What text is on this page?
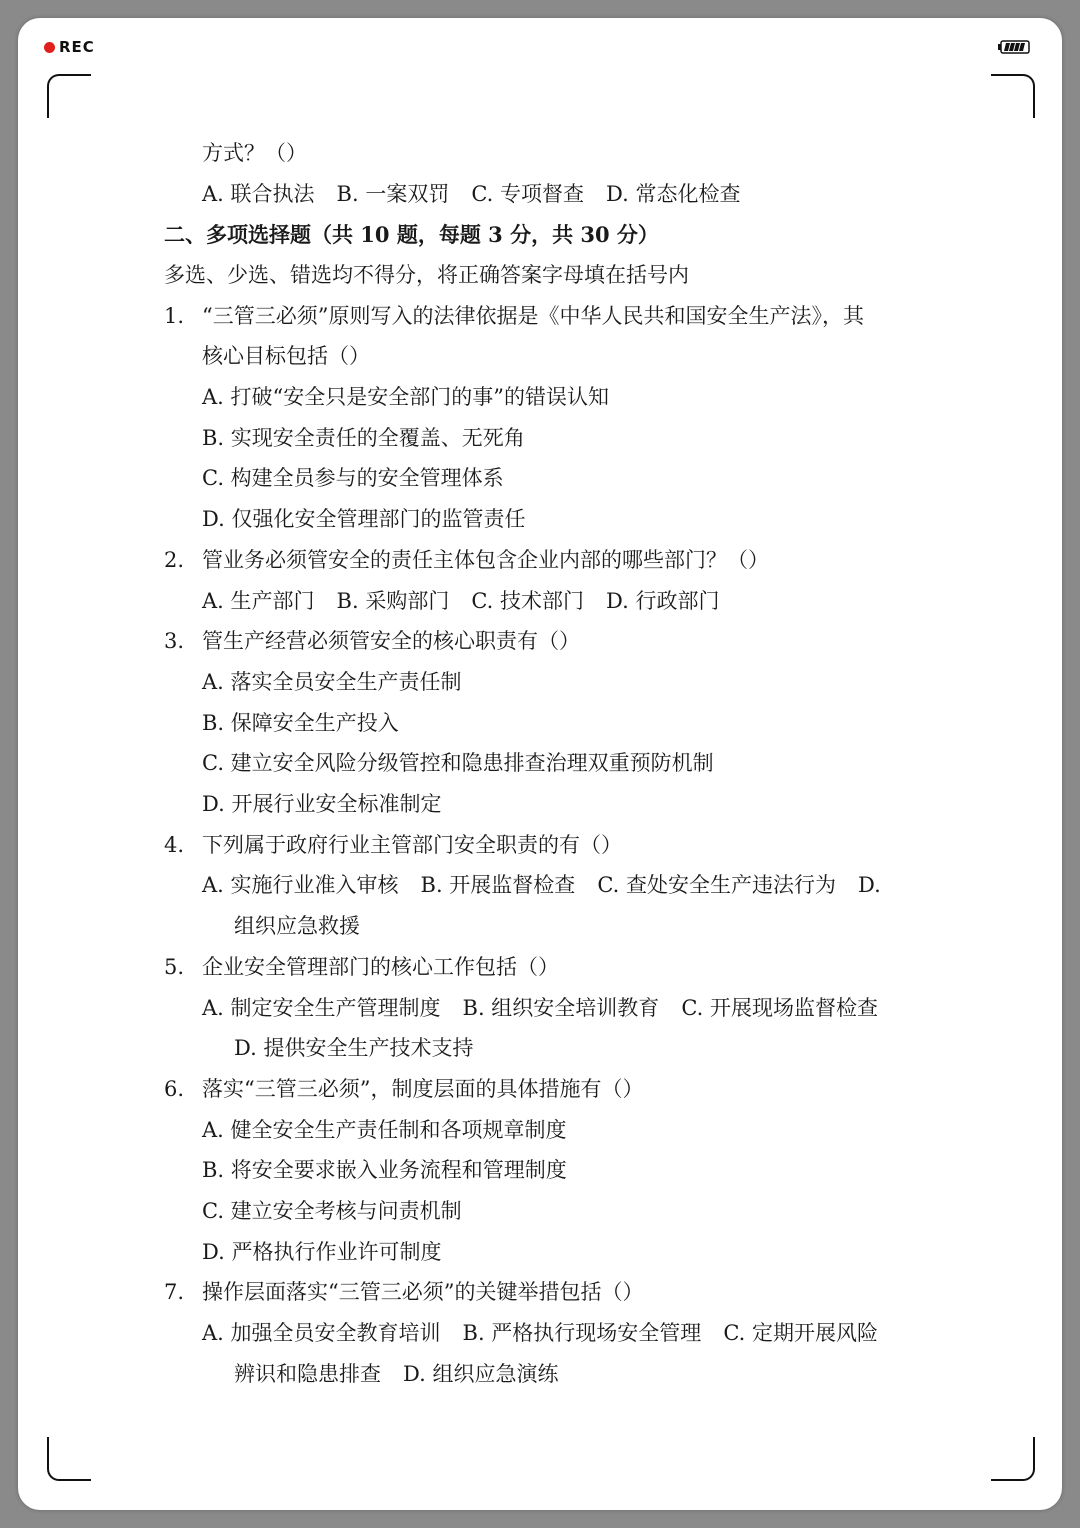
REC
方式？（）
A. 联合执法 B. 一案双罚 C. 专项督查 D. 常态化检查
二、多项选择题（共 10 题，每题 3 分，共 30 分）
多选、少选、错选均不得分，将正确答案字母填在括号内
1. “三管三必须”原则写入的法律依据是《中华人民共和国安全生产法》，其
核心目标包括（）
A. 打破“安全只是安全部门的事”的错误认知
B. 实现安全责任的全覆盖、无死角
C. 构建全员参与的安全管理体系
D. 仅强化安全管理部门的监管责任
2. 管业务必须管安全的责任主体包含企业内部的哪些部门？（）
A. 生产部门 B. 采购部门 C. 技术部门 D. 行政部门
3. 管生产经营必须管安全的核心职责有（）
A. 落实全员安全生产责任制
B. 保障安全生产投入
C. 建立安全风险分级管控和隐患排查治理双重预防机制
D. 开展行业安全标准制定
4. 下列属于政府行业主管部门安全职责的有（）
A. 实施行业准入审核 B. 开展监督检查 C. 查处安全生产违法行为 D.
组织应急救援
5. 企业安全管理部门的核心工作包括（）
A. 制定安全生产管理制度 B. 组织安全培训教育 C. 开展现场监督检查
D. 提供安全生产技术支持
6. 落实“三管三必须”，制度层面的具体措施有（）
A. 健全安全生产责任制和各项规章制度
B. 将安全要求嵌入业务流程和管理制度
C. 建立安全考核与问责机制
D. 严格执行作业许可制度
7. 操作层面落实“三管三必须”的关键举措包括（）
A. 加强全员安全教育培训 B. 严格执行现场安全管理 C. 定期开展风险
辨识和隐患排查 D. 组织应急演练
